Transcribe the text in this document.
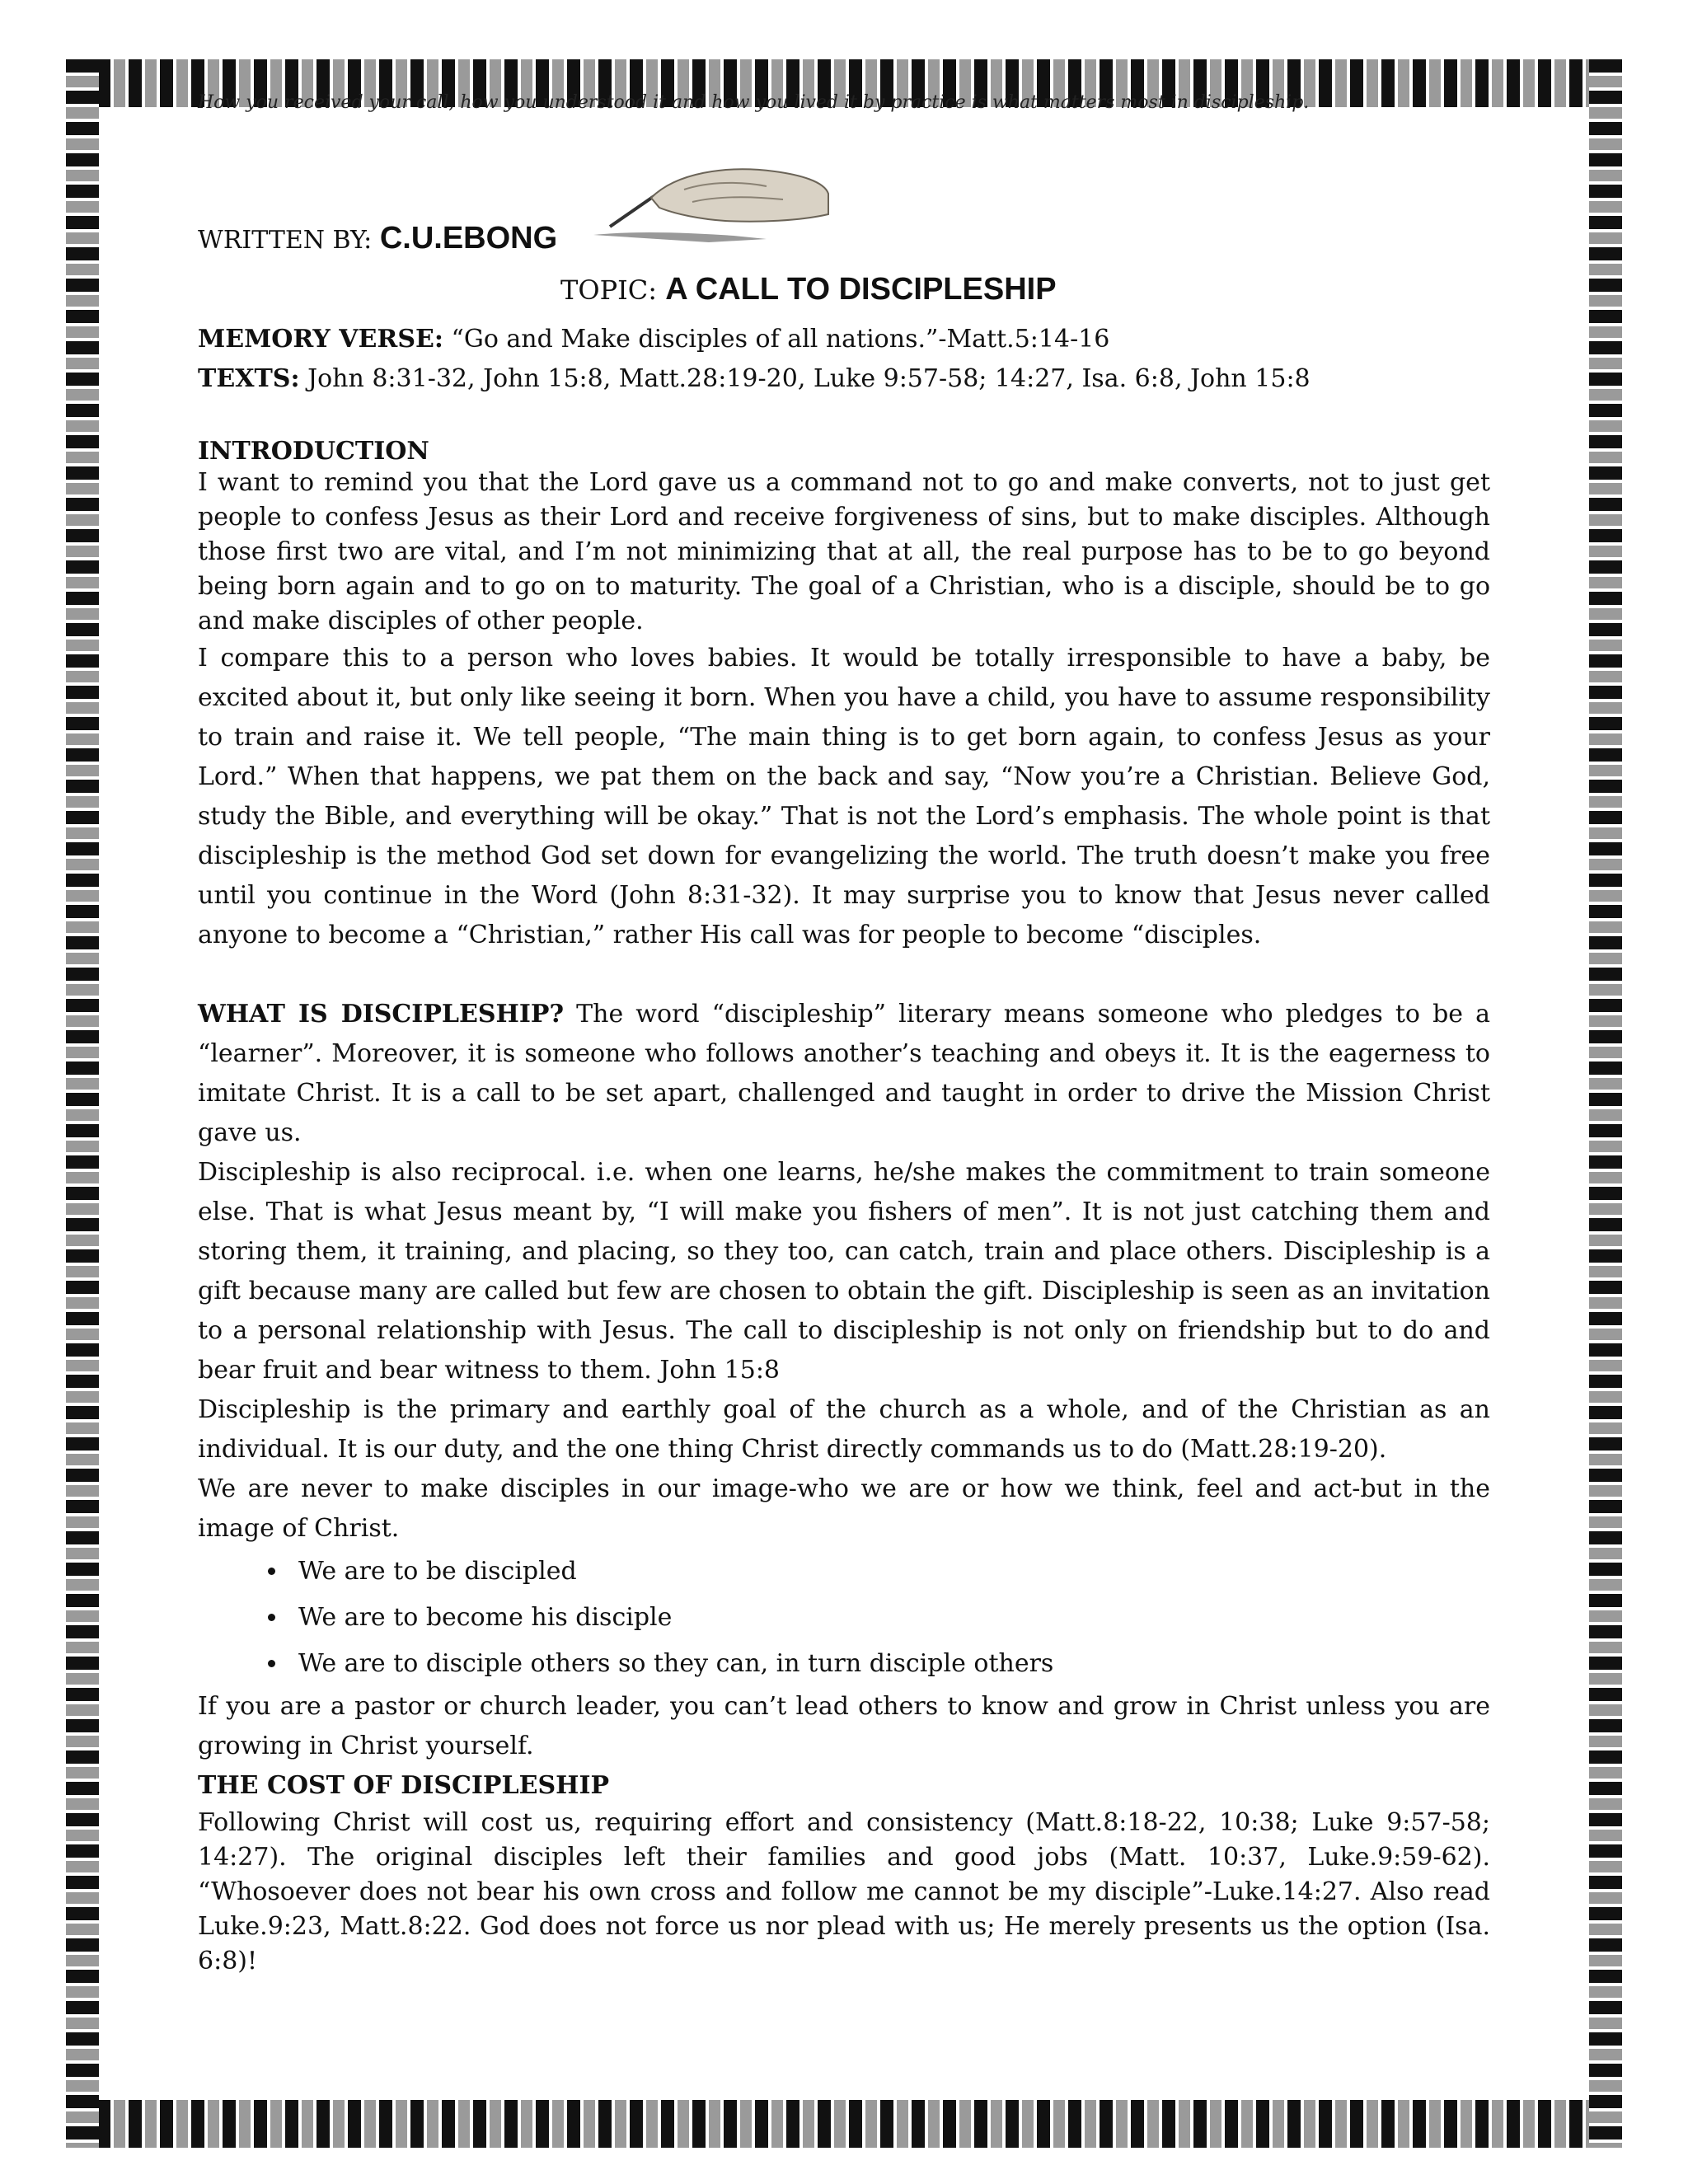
How you received your call, how you understood it and how you lived it by practice is what matters most in discipleship.
WRITTEN BY: C.U.EBONG
TOPIC: A CALL TO DISCIPLESHIP
MEMORY VERSE: “Go and Make disciples of all nations.”-Matt.5:14-16
TEXTS: John 8:31-32, John 15:8, Matt.28:19-20, Luke 9:57-58; 14:27, Isa. 6:8, John 15:8
INTRODUCTION

I want to remind you that the Lord gave us a command not to go and make converts, not to just get people to confess Jesus as their Lord and receive forgiveness of sins, but to make disciples. Although those first two are vital, and I’m not minimizing that at all, the real purpose has to be to go beyond being born again and to go on to maturity. The goal of a Christian, who is a disciple, should be to go and make disciples of other people.

I compare this to a person who loves babies. It would be totally irresponsible to have a baby, be excited about it, but only like seeing it born. When you have a child, you have to assume responsibility to train and raise it. We tell people, “The main thing is to get born again, to confess Jesus as your Lord.” When that happens, we pat them on the back and say, “Now you’re a Christian. Believe God, study the Bible, and everything will be okay.” That is not the Lord’s emphasis. The whole point is that discipleship is the method God set down for evangelizing the world. The truth doesn’t make you free until you continue in the Word (John 8:31-32). It may surprise you to know that Jesus never called anyone to become a “Christian,” rather His call was for people to become “disciples.

WHAT IS DISCIPLESHIP? The word “discipleship” literary means someone who pledges to be a “learner”. Moreover, it is someone who follows another’s teaching and obeys it. It is the eagerness to imitate Christ. It is a call to be set apart, challenged and taught in order to drive the Mission Christ gave us.

Discipleship is also reciprocal. i.e. when one learns, he/she makes the commitment to train someone else. That is what Jesus meant by, “I will make you fishers of men”. It is not just catching them and storing them, it training, and placing, so they too, can catch, train and place others. Discipleship is a gift because many are called but few are chosen to obtain the gift. Discipleship is seen as an invitation to a personal relationship with Jesus. The call to discipleship is not only on friendship but to do and bear fruit and bear witness to them. John 15:8

Discipleship is the primary and earthly goal of the church as a whole, and of the Christian as an individual. It is our duty, and the one thing Christ directly commands us to do (Matt.28:19-20).

We are never to make disciples in our image-who we are or how we think, feel and act-but in the image of Christ.

• We are to be discipled
• We are to become his disciple
• We are to disciple others so they can, in turn disciple others

If you are a pastor or church leader, you can’t lead others to know and grow in Christ unless you are growing in Christ yourself.

THE COST OF DISCIPLESHIP

Following Christ will cost us, requiring effort and consistency (Matt.8:18-22, 10:38; Luke 9:57-58; 14:27). The original disciples left their families and good jobs (Matt. 10:37, Luke.9:59-62). “Whosoever does not bear his own cross and follow me cannot be my disciple”-Luke.14:27. Also read Luke.9:23, Matt.8:22. God does not force us nor plead with us; He merely presents us the option (Isa. 6:8)!
